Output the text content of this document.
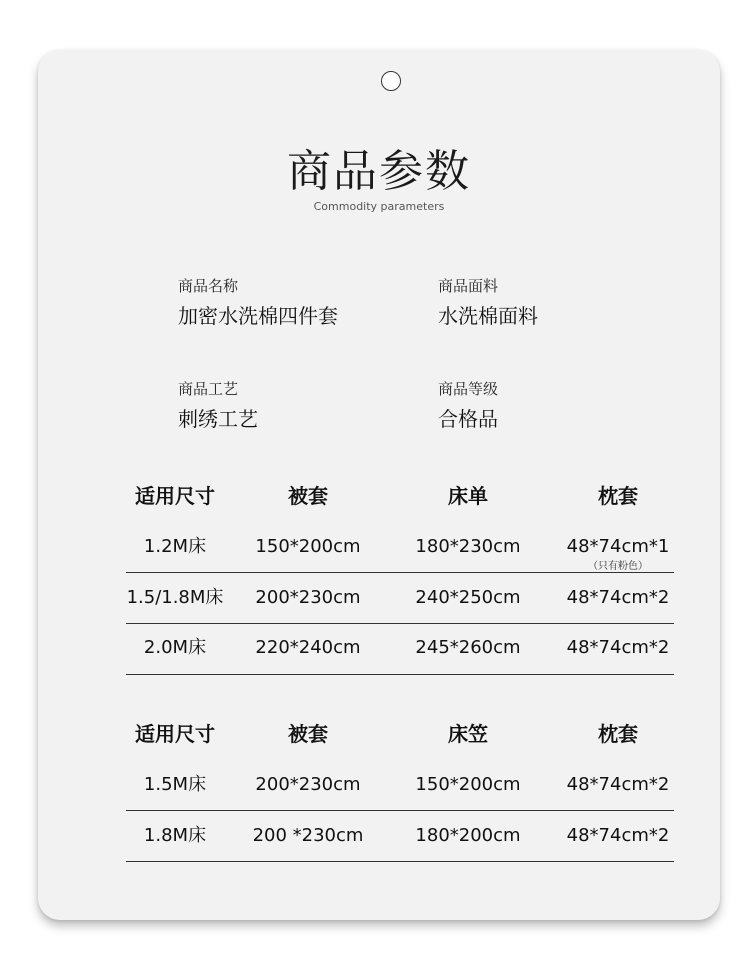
商品参数
Commodity parameters
商品名称
加密水洗棉四件套
商品面料
水洗棉面料
商品工艺
刺绣工艺
商品等级
合格品
适用尺寸	被套	床单	枕套
1.2M床	150*200cm	180*230cm	48*74cm*1
（只有粉色）
1.5/1.8M床	200*230cm	240*250cm	48*74cm*2
2.0M床	220*240cm	245*260cm	48*74cm*2
适用尺寸	被套	床笠	枕套
1.5M床	200*230cm	150*200cm	48*74cm*2
1.8M床	200 *230cm	180*200cm	48*74cm*2
